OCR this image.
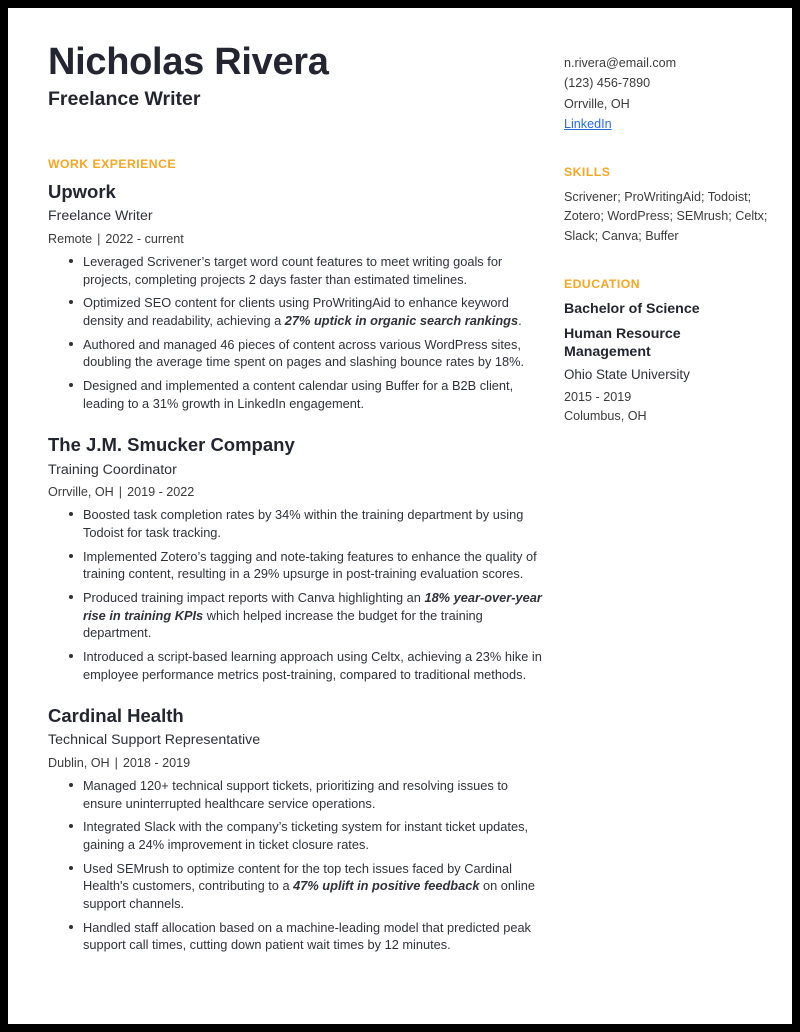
Nicholas Rivera
Freelance Writer
WORK EXPERIENCE
Upwork
Freelance Writer
Remote | 2022 - current
Leveraged Scrivener’s target word count features to meet writing goals for projects, completing projects 2 days faster than estimated timelines.
Optimized SEO content for clients using ProWritingAid to enhance keyword density and readability, achieving a 27% uptick in organic search rankings.
Authored and managed 46 pieces of content across various WordPress sites, doubling the average time spent on pages and slashing bounce rates by 18%.
Designed and implemented a content calendar using Buffer for a B2B client, leading to a 31% growth in LinkedIn engagement.
The J.M. Smucker Company
Training Coordinator
Orrville, OH | 2019 - 2022
Boosted task completion rates by 34% within the training department by using Todoist for task tracking.
Implemented Zotero’s tagging and note-taking features to enhance the quality of training content, resulting in a 29% upsurge in post-training evaluation scores.
Produced training impact reports with Canva highlighting an 18% year-over-year rise in training KPIs which helped increase the budget for the training department.
Introduced a script-based learning approach using Celtx, achieving a 23% hike in employee performance metrics post-training, compared to traditional methods.
Cardinal Health
Technical Support Representative
Dublin, OH | 2018 - 2019
Managed 120+ technical support tickets, prioritizing and resolving issues to ensure uninterrupted healthcare service operations.
Integrated Slack with the company’s ticketing system for instant ticket updates, gaining a 24% improvement in ticket closure rates.
Used SEMrush to optimize content for the top tech issues faced by Cardinal Health's customers, contributing to a 47% uplift in positive feedback on online support channels.
Handled staff allocation based on a machine-leading model that predicted peak support call times, cutting down patient wait times by 12 minutes.
n.rivera@email.com
(123) 456-7890
Orrville, OH
LinkedIn
SKILLS
Scrivener; ProWritingAid; Todoist; Zotero; WordPress; SEMrush; Celtx; Slack; Canva; Buffer
EDUCATION
Bachelor of Science
Human Resource Management
Ohio State University
2015 - 2019
Columbus, OH
